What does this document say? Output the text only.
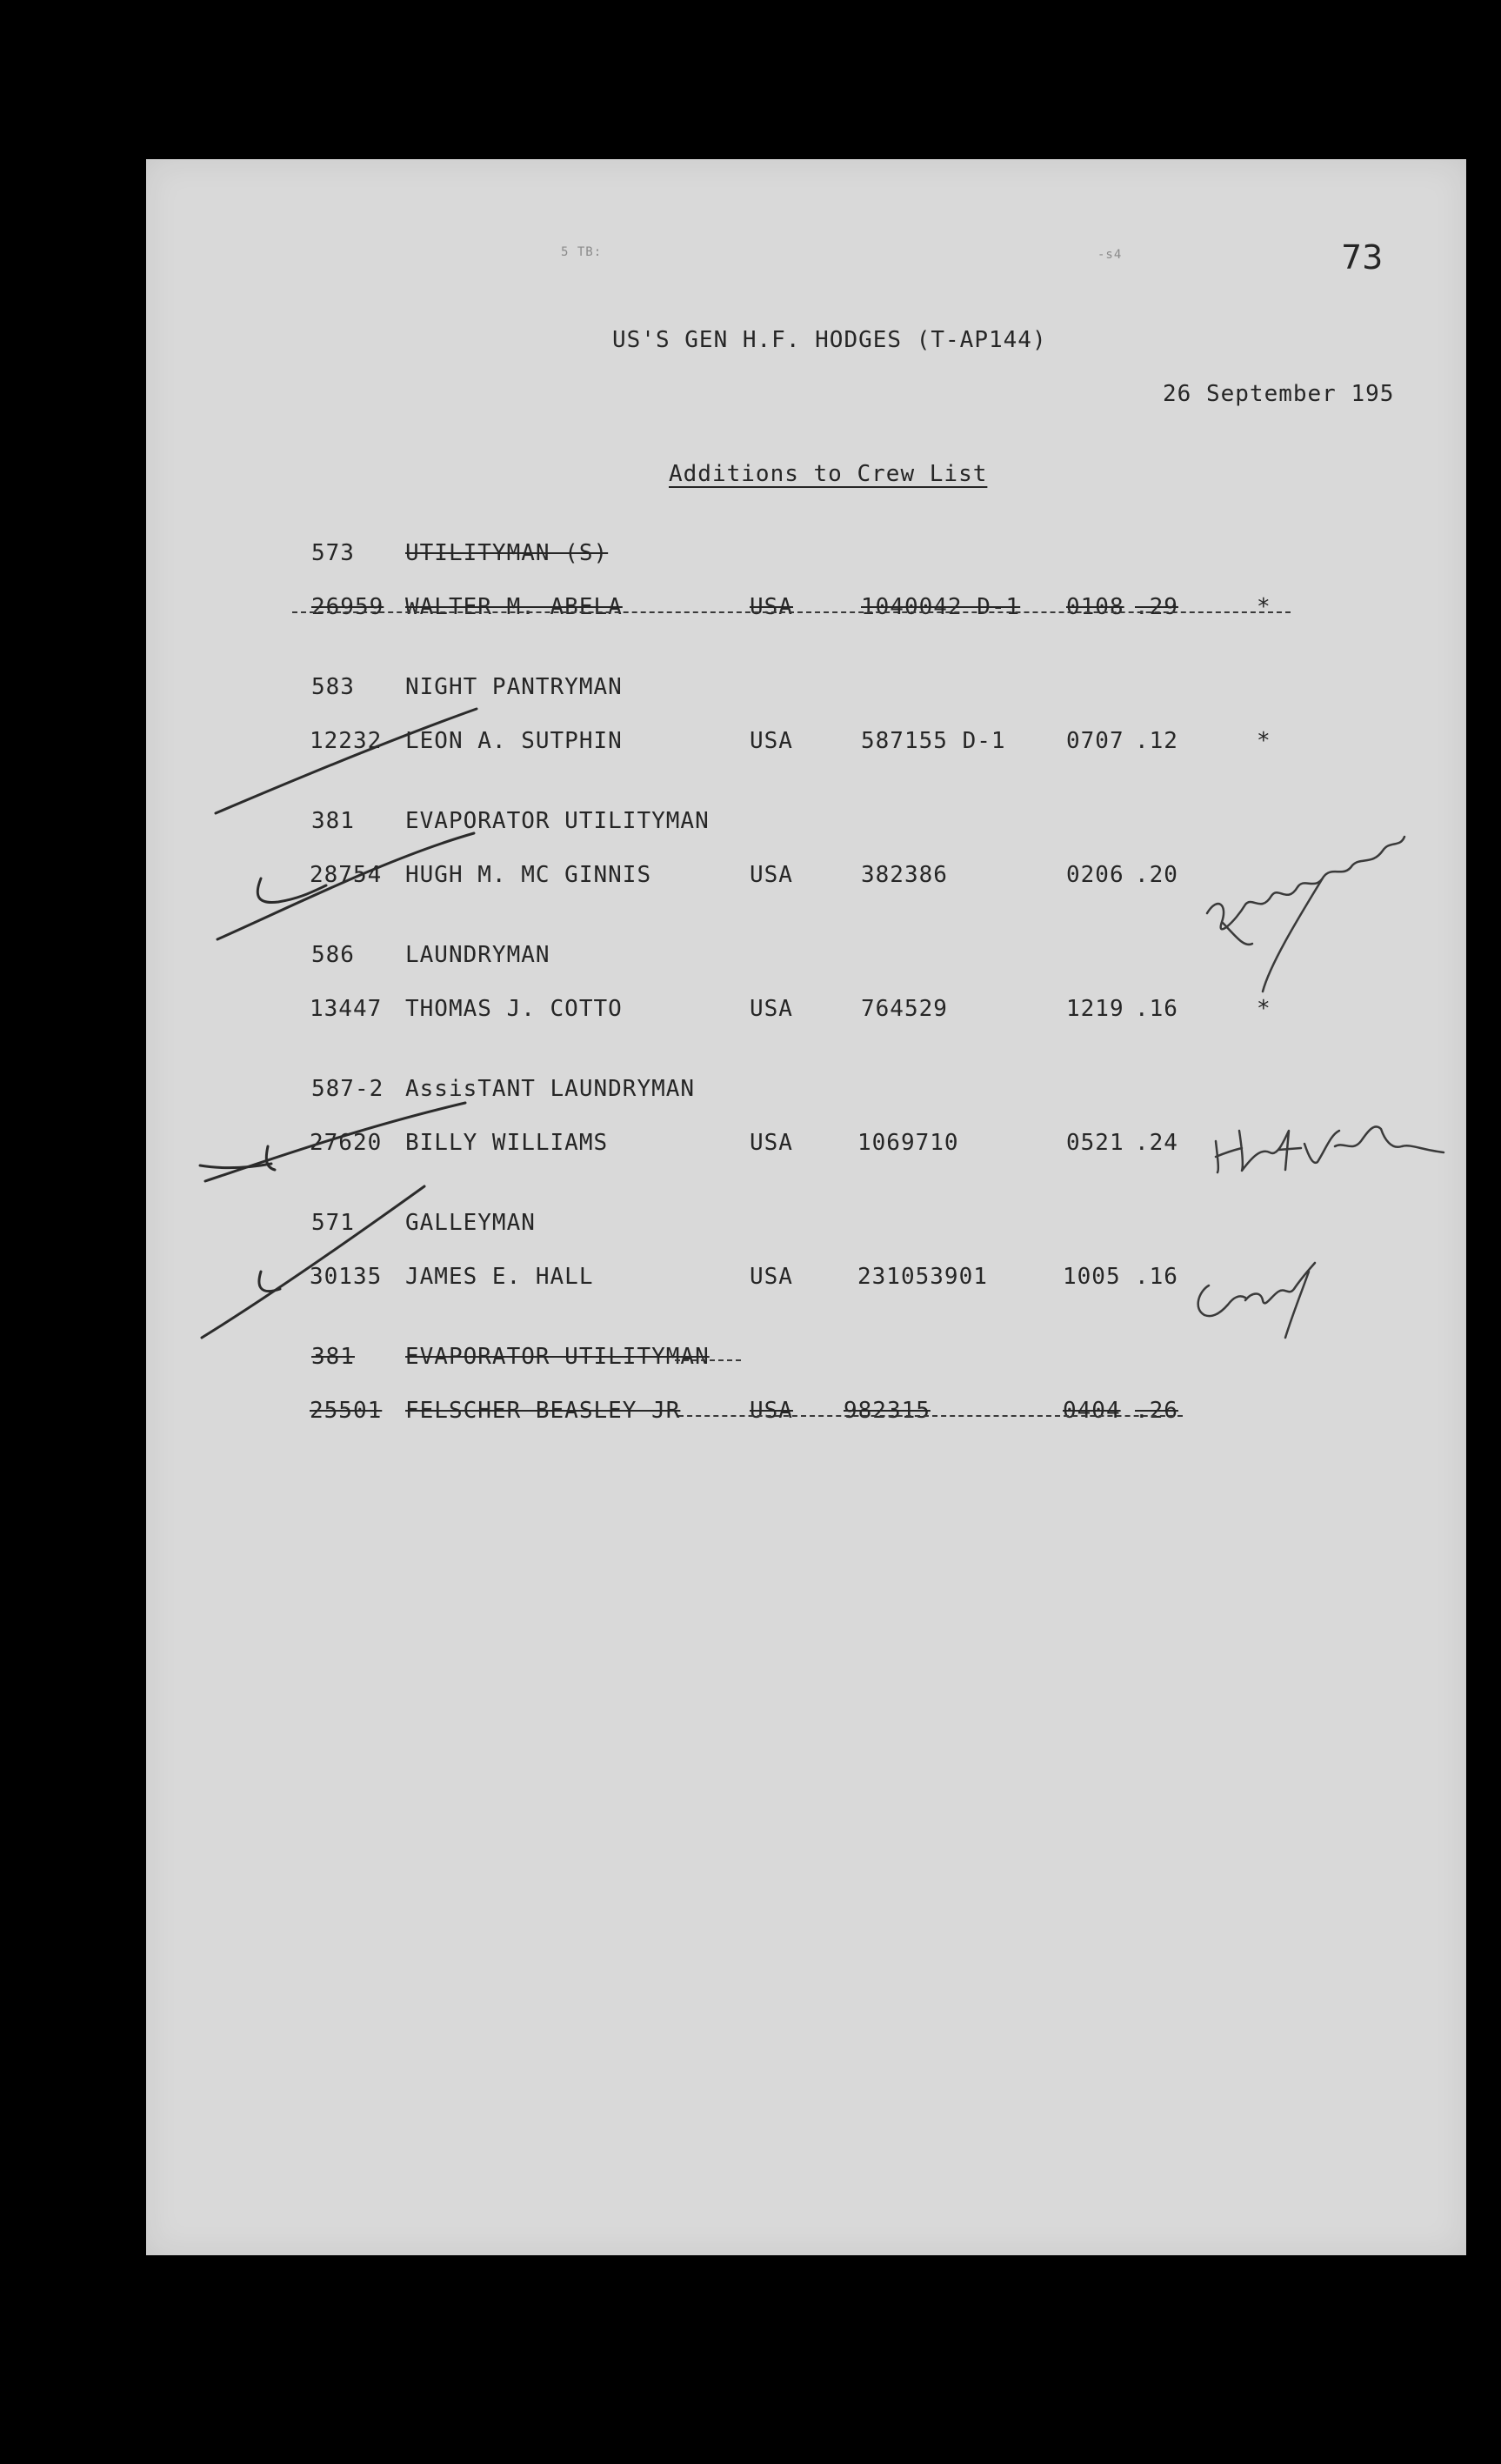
73
5 TB:	-s4
US'S GEN H.F. HODGES (T-AP144)
26 September 195
Additions to Crew List
573 UTILITYMAN (S)
26959 WALTER M. ABELA	USA	1040042 D-1 0108 .29	*
583 NIGHT PANTRYMAN
12232 LEON A. SUTPHIN	USA	587155 D-1	0707 .12	*
381 EVAPORATOR UTILITYMAN
28754 HUGH M. MC GINNIS	USA	382386	0206 .20
586 LAUNDRYMAN
13447 THOMAS J. COTTO	USA	764529	1219 .16	*
587-2 AssisTANT LAUNDRYMAN
27620 BILLY WILLIAMS	USA	1069710	0521 .24
571 GALLEYMAN
30135 JAMES E. HALL	USA	231053901	1005 .16
381 EVAPORATOR UTILITYMAN
25501 FELSCHER BEASLEY JR	USA 982315	0404 .26
